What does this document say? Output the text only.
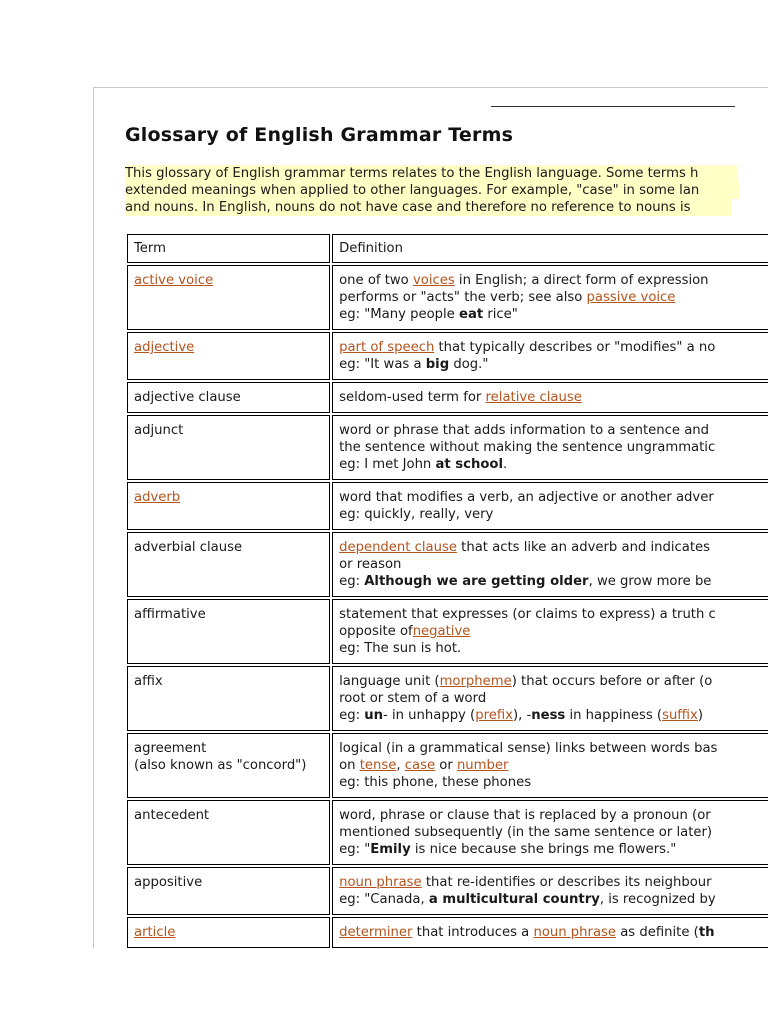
Glossary of English Grammar Terms
This glossary of English grammar terms relates to the English language. Some terms h
extended meanings when applied to other languages. For example, "case" in some lan
and nouns. In English, nouns do not have case and therefore no reference to nouns is
Term	Definition
active voice	one of two voices in English; a direct form of expression
performs or "acts" the verb; see also passive voice
eg: "Many people eat rice"
adjective	part of speech that typically describes or "modifies" a no
eg: "It was a big dog."
adjective clause	seldom-used term for relative clause
adjunct	word or phrase that adds information to a sentence and
the sentence without making the sentence ungrammatic
eg: I met John at school.
adverb	word that modifies a verb, an adjective or another adver
eg: quickly, really, very
adverbial clause	dependent clause that acts like an adverb and indicates
or reason
eg: Although we are getting older, we grow more be
affirmative	statement that expresses (or claims to express) a truth c
opposite ofnegative
eg: The sun is hot.
affix	language unit (morpheme) that occurs before or after (o
root or stem of a word
eg: un- in unhappy (prefix), -ness in happiness (suffix)
agreement
(also known as "concord")	logical (in a grammatical sense) links between words bas
on tense, case or number
eg: this phone, these phones
antecedent	word, phrase or clause that is replaced by a pronoun (or
mentioned subsequently (in the same sentence or later)
eg: "Emily is nice because she brings me flowers."
appositive	noun phrase that re-identifies or describes its neighbour
eg: "Canada, a multicultural country, is recognized by
article	determiner that introduces a noun phrase as definite (th
